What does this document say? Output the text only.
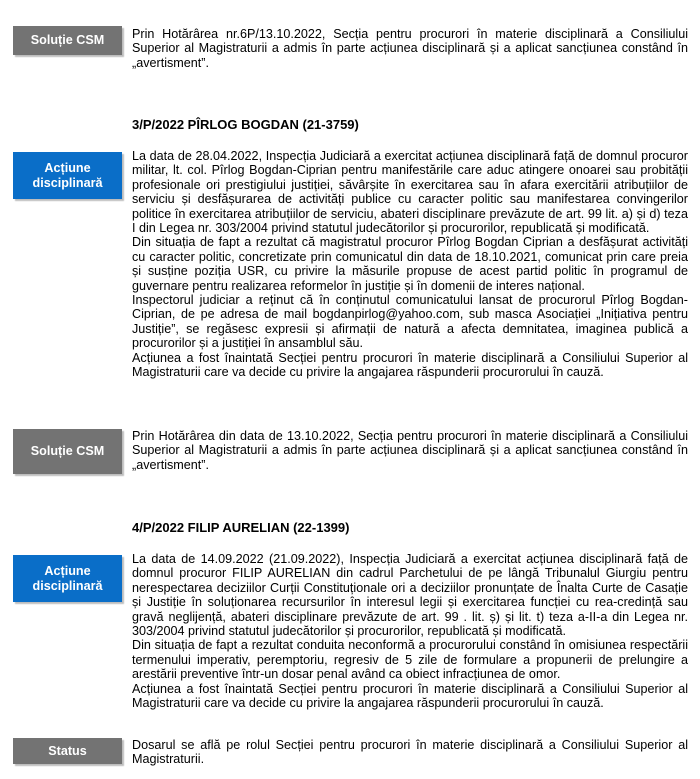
Soluție CSM	Prin Hotărârea nr.6P/13.10.2022, Secția pentru procurori în materie disciplinară a Consiliului Superior al Magistraturii a admis în parte acțiunea disciplinară și a aplicat sancțiunea constând în „avertisment”.

3/P/2022 PÎRLOG BOGDAN (21-3759)
Acțiune disciplinară

La data de 28.04.2022, Inspecția Judiciară a exercitat acțiunea disciplinară față de domnul procuror militar, lt. col. Pîrlog Bogdan-Ciprian pentru manifestările care aduc atingere onoarei sau probității profesionale ori prestigiului justiției, săvârșite în exercitarea sau în afara exercitării atribuțiilor de serviciu și desfășurarea de activități publice cu caracter politic sau manifestarea convingerilor politice în exercitarea atribuțiilor de serviciu, abateri disciplinare prevăzute de art. 99 lit. a) și d) teza I din Legea nr. 303/2004 privind statutul judecătorilor și procurorilor, republicată și modificată.

Din situația de fapt a rezultat că magistratul procuror Pîrlog Bogdan Ciprian a desfășurat activități cu caracter politic, concretizate prin comunicatul din data de 18.10.2021, comunicat prin care preia și susține poziția USR, cu privire la măsurile propuse de acest partid politic în programul de guvernare pentru realizarea reformelor în justiție și în domenii de interes național.

Inspectorul judiciar a reținut că în conținutul comunicatului lansat de procurorul Pîrlog Bogdan-Ciprian, de pe adresa de mail bogdanpirlog@yahoo.com, sub masca Asociației „Inițiativa pentru Justiție”, se regăsesc expresii și afirmații de natură a afecta demnitatea, imaginea publică a procurorilor și a justiției în ansamblul său.

Acțiunea a fost înaintată Secției pentru procurori în materie disciplinară a Consiliului Superior al Magistraturii care va decide cu privire la angajarea răspunderii procurorului în cauză.

Soluție CSM

Prin Hotărârea din data de 13.10.2022, Secția pentru procurori în materie disciplinară a Consiliului Superior al Magistraturii a admis în parte acțiunea disciplinară și a aplicat sancțiunea constând în „avertisment”.

4/P/2022 FILIP AURELIAN (22-1399)
Acțiune disciplinară

La data de 14.09.2022 (21.09.2022), Inspecția Judiciară a exercitat acțiunea disciplinară față de domnul procuror FILIP AURELIAN din cadrul Parchetului de pe lângă Tribunalul Giurgiu pentru nerespectarea deciziilor Curții Constituționale ori a deciziilor pronunțate de Înalta Curte de Casație și Justiție în soluționarea recursurilor în interesul legii și exercitarea funcției cu rea-credință sau gravă neglijență, abateri disciplinare prevăzute de art. 99 . lit. ș) și lit. t) teza a-II-a din Legea nr. 303/2004 privind statutul judecătorilor și procurorilor, republicată și modificată.

Din situația de fapt a rezultat conduita neconformă a procurorului constând în omisiunea respectării termenului imperativ, peremptoriu, regresiv de 5 zile de formulare a propunerii de prelungire a arestării preventive într-un dosar penal având ca obiect infracțiunea de omor.

Acțiunea a fost înaintată Secției pentru procurori în materie disciplinară a Consiliului Superior al Magistraturii care va decide cu privire la angajarea răspunderii procurorului în cauză.

Status	Dosarul se află pe rolul Secției pentru procurori în materie disciplinară a Consiliului Superior al Magistraturii.
